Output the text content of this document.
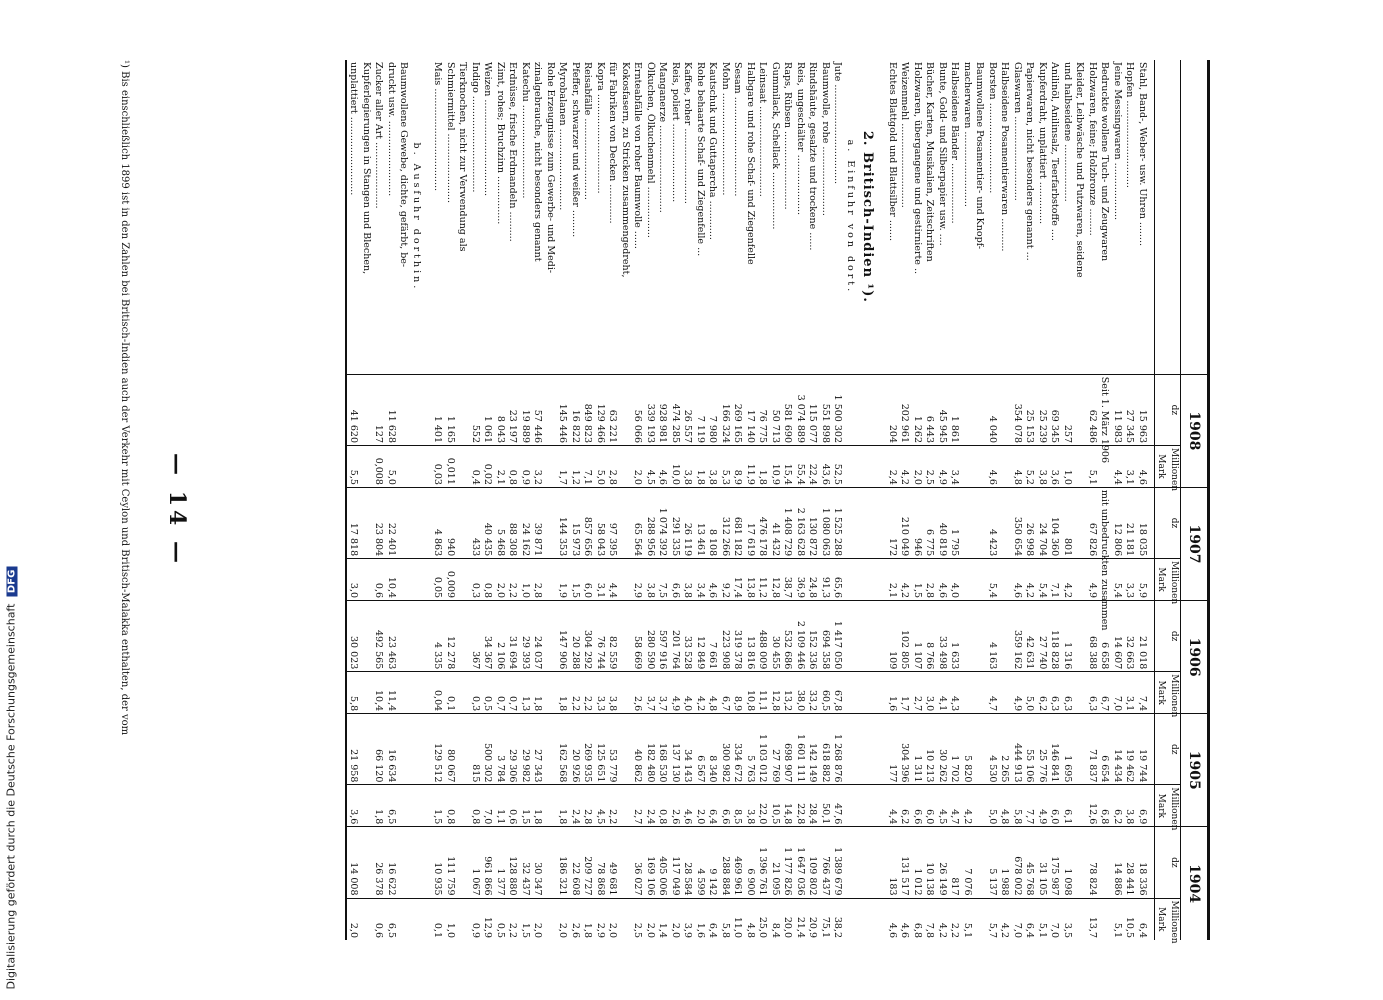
Digitalisierung gefördert durch die Deutsche Forschungsgemeinschaft DFG
— 14 —
	1908		1907		1906		1905		1904	
	dz	Millionen Mark	dz	Millionen Mark	dz	Millionen Mark	dz	Millionen Mark	dz	Millionen Mark

Stahl, Band-, Weber- usw. Uhren ........	15 963	4,6	18 035	5,9	21 018	7,4	19 744	6,9	18 336	6,4
Hopfen .............................	27 345	3,1	21 181	3,3	32 663	3,1	19 462	3,8	28 441	10,5
Jeine Messingwaren ...................	11 983	4,4	12 806	5,4	14 607	7,0	14 434	6,2	14 886	5,1
Bedruckte wollene Tuch- und Zeugwaren	Seit 1. März 1906		mit unbedruckten zusammen		6 658	6,7	6 654	6,8		
Holzwaren, feine; Holzbronze .........	62 486	5,1	67 826	4,9	68 388	6,3	71 837	12,6	78 824	13,7
Kleider, Leibwäsche und Putzwaren, seidene										
und halbseidene ...................	257	1,0	801	4,2	1 316	6,3	1 695	6,1	1 098	3,5
Anilinöl, Anilinsalz, Teerfarbstoffe ....	69 345	3,6	104 360	7,1	118 828	6,3	146 841	6,0	175 987	7,0
Kupferdraht, unplattiert ..............	25 239	3,8	24 704	5,4	27 740	6,2	25 776	4,9	31 105	5,1
Papierwaren, nicht besonders genannt ...	25 153	5,2	26 998	4,2	42 631	5,0	55 106	7,7	45 768	6,4
Glaswaren ............................	354 078	4,8	350 654	4,6	359 162	4,9	444 913	5,8	678 002	7,0
Halbseidene Posamentierwaren ...........							2 265	4,8	1 988	4,2
Borsten ..............................	4 040	4,6	4 423	5,4	4 163	4,7	4 530	5,0	5 137	5,7
Baumwollene Posamentier- und Knopf-										
macherwaren .........................							5 820	4,2	7 076	5,1
Halbseidene Bänder ....................	1 861	3,4	1 795	4,0	1 633	4,3	1 702	4,7	817	2,2
Bunte, Gold- und Silberpapier usw. ....	45 945	4,9	40 819	4,6	33 498	4,1	30 262	4,5	26 149	4,2
Bücher, Karten, Musikalien, Zeitschriften	6 443	2,5	6 775	2,8	8 766	3,0	10 213	6,0	10 138	7,8
Holzwaren, übergangene und gestirnierte ..	1 262	2,0	946	1,5	1 107	2,7	1 311	6,6	1 012	6,8
Weizenmehl ............................	202 961	4,2	210 049	4,2	102 805	1,7	304 396	6,2	131 517	4,6
Echtes Blattgold und Blattsilber .......	204	2,4	172	2,1	109	1,6	177	4,4	183	4,6

2. Britisch-Indien ¹).										
a. Einfuhr von dort.										
Jute .................................	1 500 302	52,5	1 525 288	65,6	1 417 050	67,8	1 268 876	47,6	1 389 679	38,2
Baumwolle, rohe .......................	551 898	43,6	1 080 063	91,3	694 358	60,5	618 882	50,1	766 437	75,1
Rindshäute, gesalzte und trockene ......	115 077	22,4	130 872	24,8	152 336	33,2	142 149	28,4	109 802	20,9
Reis, ungeschälter ....................	3 074 889	55,4	2 163 628	36,9	2 109 446	38,0	1 601 111	22,8	1 647 036	21,4
Raps, Rübsen ..........................	581 690	15,4	1 408 729	38,7	532 686	13,2	698 907	14,8	1 177 826	20,0
Gummilack, Schellack ...................	50 713	10,9	41 432	12,8	30 455	12,8	27 769	10,5	21 095	8,4
Leinsaat ..............................	76 775	1,8	476 178	11,2	488 009	11,1	1 103 012	22,0	1 396 761	25,0
Halbgare und rohe Schaf- und Ziegenfelle	17 140	11,9	17 619	13,8	13 816	10,8	5 763	3,8	6 900	4,8
Sesam .................................	269 165	8,9	681 182	17,4	319 378	8,9	334 672	8,5	469 961	11,0
Mohn ..................................	166 324	5,3	312 266	9,2	223 908	6,7	300 982	6,6	288 884	5,8
Kautschuk und Guttapercha .............	7 980	3,8	8 108	4,6	7 661	4,8	8 340	6,4	9 142	6,4
Rohe behaarte Schaf- und Ziegenfelle ...	7 119	1,8	13 461	3,4	12 849	4,2	6 567	2,0	4 599	1,6
Kaffee, roher .........................	26 557	3,8	26 119	3,8	33 528	4,0	34 143	4,6	28 584	3,9
Reis, poliert ..........................	474 285	10,0	291 335	6,6	201 764	4,9	137 130	2,6	117 049	2,0
Manganerze .............................	928 981	4,6	1 074 392	7,5	597 916	3,7	168 530	0,8	405 006	1,4
Ölkuchen, Ölkuchenmehl .................	339 193	4,5	288 956	3,8	280 590	3,7	182 480	2,4	169 106	2,0
Ernteabfälle von roher Baumwolle ......	56 066	2,0	65 564	2,9	58 669	2,6	40 862	2,7	36 027	2,5
Kokosfasern, zu Stricken zusammengedreht,										
für Fabriken von Decken .............	63 221	2,8	97 395	4,4	82 559	3,8	53 779	2,2	49 681	2,0
Kopra .................................	129 466	5,0	58 043	3,1	76 744	3,3	125 651	4,5	78 868	2,9
Reisabfälle ...........................	849 823	7,1	857 656	6,0	304 292	2,2	269 935	2,8	209 727	1,8
Pfeffer, schwarzer und weißer .........	16 822	1,2	15 973	1,5	20 288	2,2	20 926	2,4	22 608	2,6
Myrobalanen ...........................	145 446	1,7	144 353	1,9	147 906	1,8	162 568	1,8	186 321	2,0
Rohe Erzeugnisse zum Gewerbe- und Medi-										
zinalgebrauche, nicht besonders genannt	57 446	3,2	39 871	2,8	24 037	1,8	27 343	1,8	30 347	2,0
Katechu ...............................	19 889	0,9	24 162	1,0	29 393	1,3	29 982	1,5	32 437	1,5
Erdnüsse, frische Erdmandeln ..........	23 197	0,8	88 308	2,2	31 694	0,7	29 306	0,6	128 880	2,2
Zimt, rohes; Bruchzinn ................	8 043	2,1	5 468	2,0	2 106	0,7	3 784	1,1	1 377	0,5
Weizen ................................	1 061	0,02	40 435	0,8	34 367	0,5	500 302	7,0	961 866	12,9
Indigo ................................	552	0,4	433	0,3	367	0,3	815	0,8	1 067	0,9
Tierknochen, nicht zur Verwendung als										
Schmiermittel .......................	1 165	0,011	940	0,009	12 278	0,1	80 067	0,8	111 759	1,0
Mais ..................................	1 401	0,03	4 863	0,05	4 335	0,04	129 512	1,5	10 935	0,1

b. Ausfuhr dorthin.										
Baumwollene Gewebe, dichte, gefärbt, be-										
druckt usw. .........................	11 628	5,0	22 401	10,4	23 463	11,4	16 634	6,5	16 622	6,5
Zucker aller Art ......................	127	0,008	23 804	0,6	492 565	10,4	66 120	1,8	26 378	0,6
Kupferlegierungen in Stangen und Blechen,										
unplattiert ..........................	41 620	5,5	17 818	3,0	30 023	5,8	21 958	3,6	14 008	2,0

¹) Bis einschließlich 1899 ist in den Zahlen bei Britisch-Indien auch der Verkehr mit Ceylon und Britisch-Malakka enthalten, der vom
